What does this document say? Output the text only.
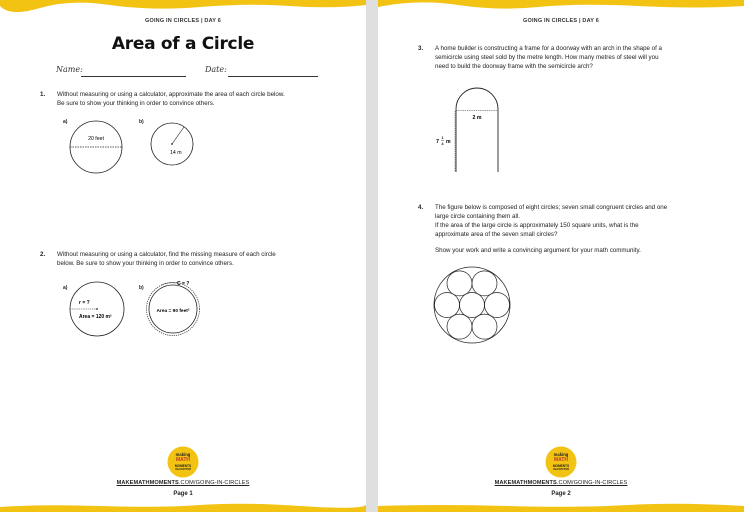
GOING IN CIRCLES | DAY 6
Area of a Circle
Name:	Date:
1. Without measuring or using a calculator, approximate the area of each circle below.
Be sure to show your thinking in order to convince others.
a)	b)
20 feet
14 m
2. Without measuring or using a calculator, find the missing measure of each circle
below. Be sure to show your thinking in order to convince others.
a)	b)
r = ?
Area = 120 m²
C = ?
Area = 90 feet²
making
MATH
MOMENTS
that MATTER
MAKEMATHMOMENTS.COM/GOING-IN-CIRCLES
Page 1
GOING IN CIRCLES | DAY 6
3. A home builder is constructing a frame for a doorway with an arch in the shape of a
semicircle using steel sold by the metre length. How many metres of steel will you
need to build the doorway frame with the semicircle arch?
2 m
7
1
4 m
4. The figure below is composed of eight circles; seven small congruent circles and one
large circle containing them all.
If the area of the large circle is approximately 150 square units, what is the
approximate area of the seven small circles?
Show your work and write a convincing argument for your math community.
making
MATH
MOMENTS
that MATTER
MAKEMATHMOMENTS.COM/GOING-IN-CIRCLES
Page 2
